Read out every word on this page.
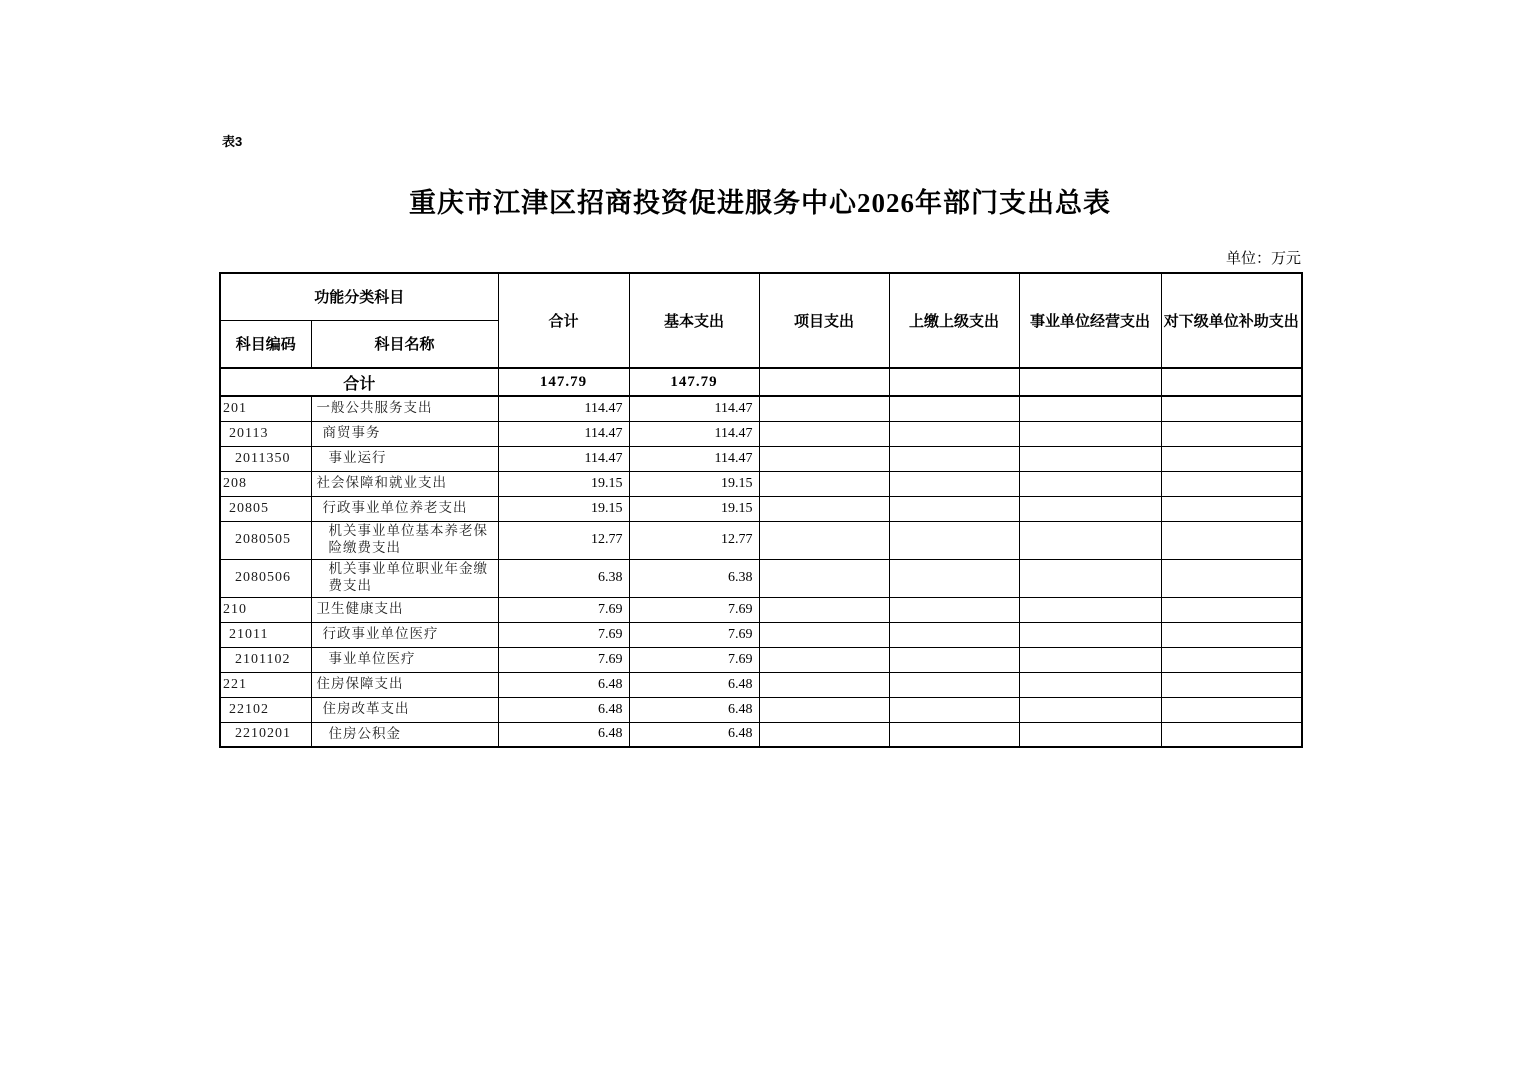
表3
重庆市江津区招商投资促进服务中心2026年部门支出总表
单位：万元
功能分类科目		合计	基本支出	项目支出	上缴上级支出	事业单位经营支出	对下级单位补助支出
科目编码	科目名称						
合计		147.79	147.79				
201	一般公共服务支出	114.47	114.47				
20113	商贸事务	114.47	114.47				
2011350	事业运行	114.47	114.47				
208	社会保障和就业支出	19.15	19.15				
20805	行政事业单位养老支出	19.15	19.15				
2080505	机关事业单位基本养老保险缴费支出	12.77	12.77				
2080506	机关事业单位职业年金缴费支出	6.38	6.38				
210	卫生健康支出	7.69	7.69				
21011	行政事业单位医疗	7.69	7.69				
2101102	事业单位医疗	7.69	7.69				
221	住房保障支出	6.48	6.48				
22102	住房改革支出	6.48	6.48				
2210201	住房公积金	6.48	6.48				
